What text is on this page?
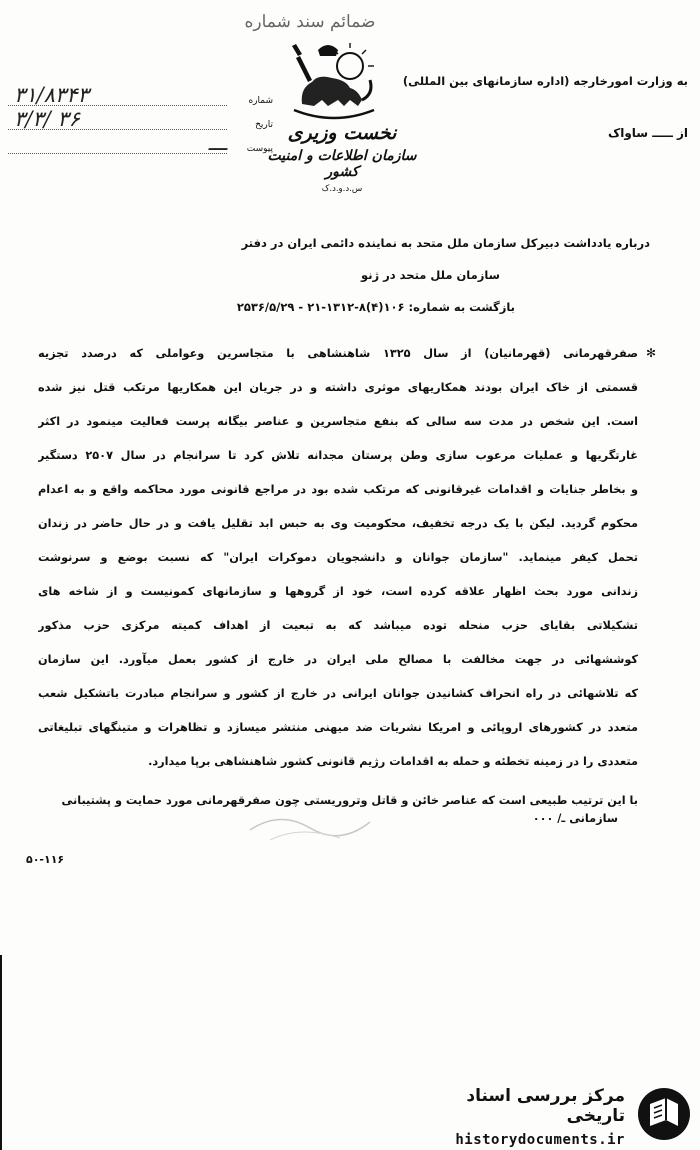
ضمائم سند شماره
به وزارت امورخارجه (اداره سازمانهای بین المللی)
از ـــــ ساواک
نخست وزیری
سازمان اطلاعات و امنیت کشور
س.د.و.د.ک
۳۱/۸۳۴۳	شماره
۳/۳/ ۳۶	تاریخ
ـــ	پیوست
درباره یادداشت دبیرکل سازمان ملل متحد به نماینده دائمی ایران در دفتر
سازمان ملل متحد در ژنو
بازگشت به شماره: ۱۰۶(۴)۸-۱۳۱۲-۲۱ - ۲۵۳۶/۵/۲۹
✻
صفرقهرمانی (قهرمانیان) از سال ۱۳۲۵ شاهنشاهی با متجاسرین وعواملی که درصدد تجزیه
قسمتی از خاک ایران بودند همکاریهای موثری داشته و در جریان این همکاریها مرتکب قتل نیز شده
است. این شخص در مدت سه سالی که بنفع متجاسرین و عناصر بیگانه پرست فعالیت مینمود در اکثر
غارتگریها و عملیات مرعوب سازی وطن پرستان مجدانه تلاش کرد تا سرانجام در سال ۲۵۰۷ دستگیر
و بخاطر جنایات و اقدامات غیرقانونی که مرتکب شده بود در مراجع قانونی مورد محاکمه واقع و به اعدام
محکوم گردید. لیکن با یک درجه تخفیف، محکومیت وی به حبس ابد تقلیل یافت و در حال حاضر در زندان
تحمل کیفر مینماید. "سازمان جوانان و دانشجویان دموکرات ایران" که نسبت بوضع و سرنوشت
زندانی مورد بحث اظهار علاقه کرده است، خود از گروهها و سازمانهای کمونیست و از شاخه های
تشکیلاتی بقایای حزب منحله توده میباشد که به تبعیت از اهداف کمیته مرکزی حزب مذکور
کوششهائی در جهت مخالفت با مصالح ملی ایران در خارج از کشور بعمل میآورد. این سازمان
که تلاشهائی در راه انحراف کشانیدن جوانان ایرانی در خارج از کشور و سرانجام مبادرت باتشکیل شعب
متعدد در کشورهای اروپائی و امریکا نشریات ضد میهنی منتشر میسازد و تظاهرات و متینگهای تبلیغاتی
متعددی را در زمینه تخطئه و حمله به اقدامات رژیم قانونی کشور شاهنشاهی برپا میدارد.
با این ترتیب طبیعی است که عناصر خائن و قاتل وتروریستی چون صفرقهرمانی مورد حمایت و پشتیبانی
سازمانی ـ/ ۰۰۰
۵۰-۱۱۶
مرکز بررسی اسناد تاریخی
historydocuments.ir
